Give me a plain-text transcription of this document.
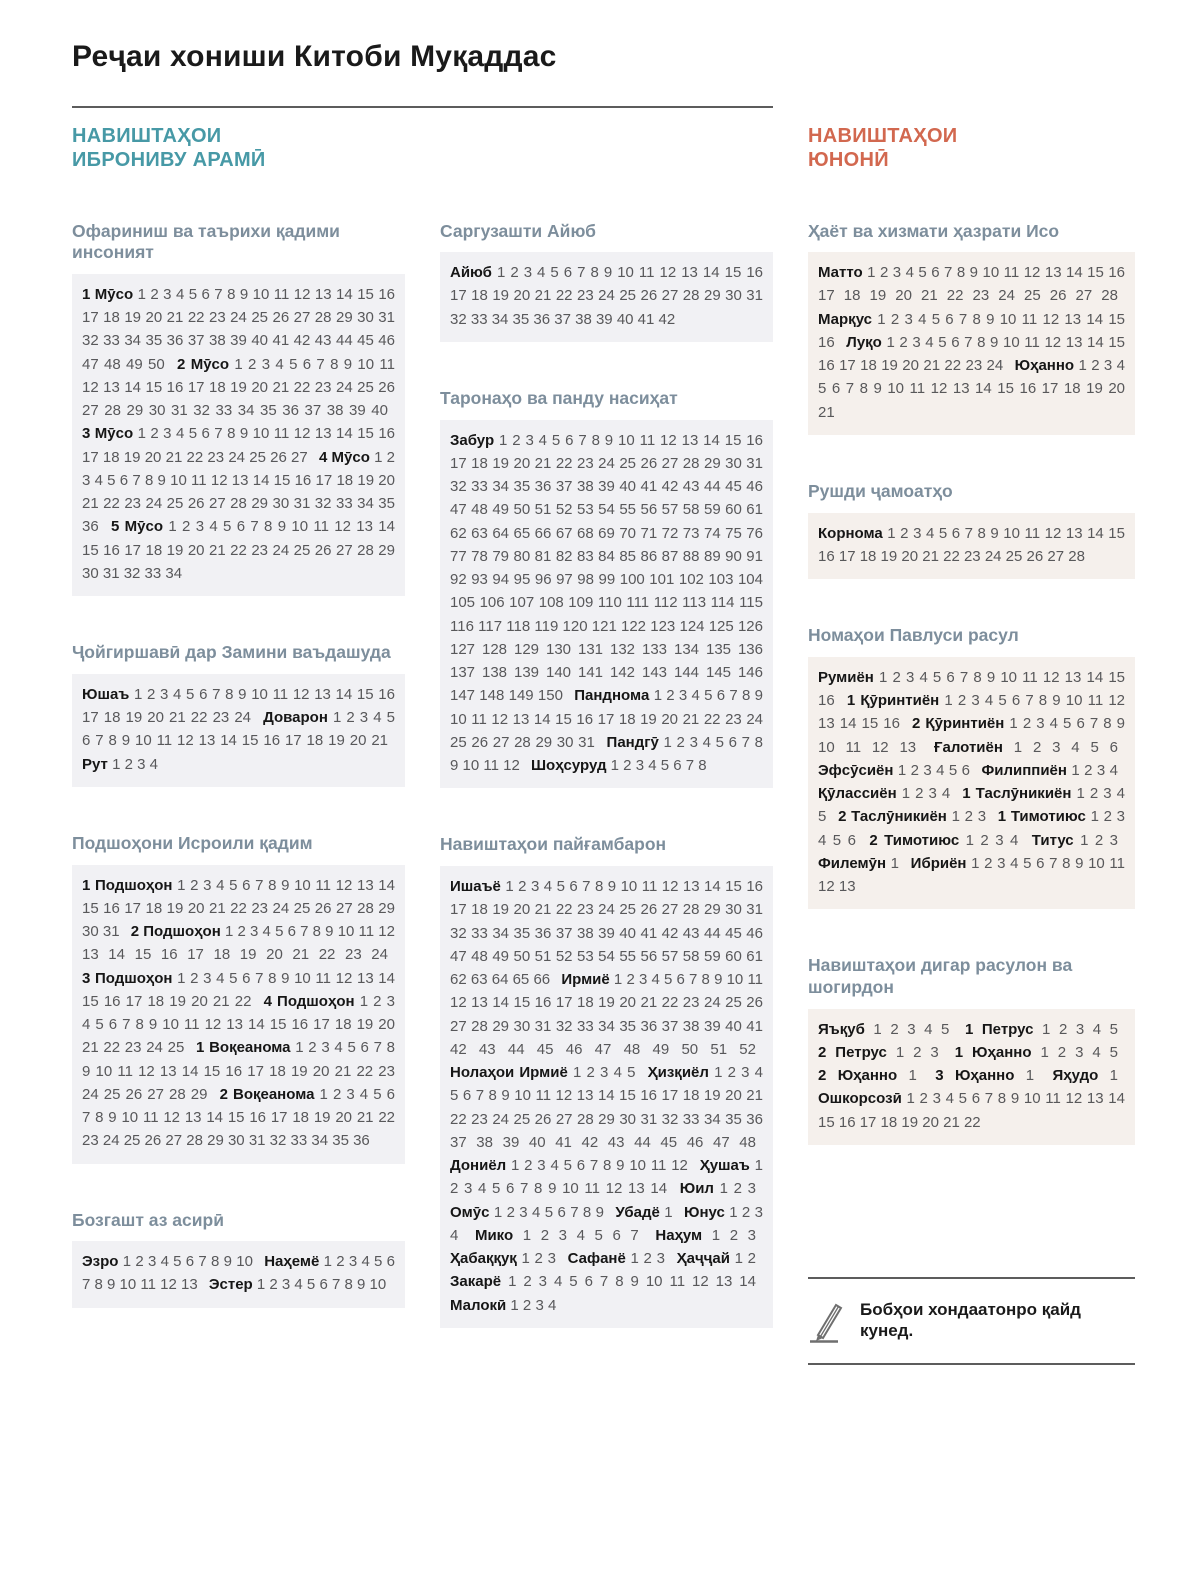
Реҷаи хониши Китоби Муқаддас
НАВИШТАҲОИ
ИБРОНИВУ АРАМӢ
Офариниш ва таърихи қадими инсоният

1 Мӯсо 1 2 3 4 5 6 7 8 9 10 11 12 13 14 15 16 17 18 19 20 21 22 23 24 25 26 27 28 29 30 31 32 33 34 35 36 37 38 39 40 41 42 43 44 45 46 47 48 49 50 2 Мӯсо 1 2 3 4 5 6 7 8 9 10 11 12 13 14 15 16 17 18 19 20 21 22 23 24 25 26 27 28 29 30 31 32 33 34 35 36 37 38 39 40 3 Мӯсо 1 2 3 4 5 6 7 8 9 10 11 12 13 14 15 16 17 18 19 20 21 22 23 24 25 26 27 4 Мӯсо 1 2 3 4 5 6 7 8 9 10 11 12 13 14 15 16 17 18 19 20 21 22 23 24 25 26 27 28 29 30 31 32 33 34 35 36 5 Мӯсо 1 2 3 4 5 6 7 8 9 10 11 12 13 14 15 16 17 18 19 20 21 22 23 24 25 26 27 28 29 30 31 32 33 34

Ҷойгиршавӣ дар Замини ваъдашуда

Юшаъ 1 2 3 4 5 6 7 8 9 10 11 12 13 14 15 16 17 18 19 20 21 22 23 24 Доварон 1 2 3 4 5 6 7 8 9 10 11 12 13 14 15 16 17 18 19 20 21 Рут 1 2 3 4

Подшоҳони Исроили қадим

1 Подшоҳон 1 2 3 4 5 6 7 8 9 10 11 12 13 14 15 16 17 18 19 20 21 22 23 24 25 26 27 28 29 30 31 2 Подшоҳон 1 2 3 4 5 6 7 8 9 10 11 12 13 14 15 16 17 18 19 20 21 22 23 24 3 Подшоҳон 1 2 3 4 5 6 7 8 9 10 11 12 13 14 15 16 17 18 19 20 21 22 4 Подшоҳон 1 2 3 4 5 6 7 8 9 10 11 12 13 14 15 16 17 18 19 20 21 22 23 24 25 1 Воқеанома 1 2 3 4 5 6 7 8 9 10 11 12 13 14 15 16 17 18 19 20 21 22 23 24 25 26 27 28 29 2 Воқеанома 1 2 3 4 5 6 7 8 9 10 11 12 13 14 15 16 17 18 19 20 21 22 23 24 25 26 27 28 29 30 31 32 33 34 35 36

Бозгашт аз асирӣ

Эзро 1 2 3 4 5 6 7 8 9 10 Наҳемё 1 2 3 4 5 6 7 8 9 10 11 12 13 Эстер 1 2 3 4 5 6 7 8 9 10

Саргузашти Айюб

Айюб 1 2 3 4 5 6 7 8 9 10 11 12 13 14 15 16 17 18 19 20 21 22 23 24 25 26 27 28 29 30 31 32 33 34 35 36 37 38 39 40 41 42

Таронаҳо ва панду насиҳат

Забур 1 2 3 4 5 6 7 8 9 10 11 12 13 14 15 16 17 18 19 20 21 22 23 24 25 26 27 28 29 30 31 32 33 34 35 36 37 38 39 40 41 42 43 44 45 46 47 48 49 50 51 52 53 54 55 56 57 58 59 60 61 62 63 64 65 66 67 68 69 70 71 72 73 74 75 76 77 78 79 80 81 82 83 84 85 86 87 88 89 90 91 92 93 94 95 96 97 98 99 100 101 102 103 104 105 106 107 108 109 110 111 112 113 114 115 116 117 118 119 120 121 122 123 124 125 126 127 128 129 130 131 132 133 134 135 136 137 138 139 140 141 142 143 144 145 146 147 148 149 150 Пандномa 1 2 3 4 5 6 7 8 9 10 11 12 13 14 15 16 17 18 19 20 21 22 23 24 25 26 27 28 29 30 31 Пандгӯ 1 2 3 4 5 6 7 8 9 10 11 12 Шоҳсуруд 1 2 3 4 5 6 7 8

Навиштаҳои пайғамбарон

Ишаъё 1 2 3 4 5 6 7 8 9 10 11 12 13 14 15 16 17 18 19 20 21 22 23 24 25 26 27 28 29 30 31 32 33 34 35 36 37 38 39 40 41 42 43 44 45 46 47 48 49 50 51 52 53 54 55 56 57 58 59 60 61 62 63 64 65 66 Ирмиё 1 2 3 4 5 6 7 8 9 10 11 12 13 14 15 16 17 18 19 20 21 22 23 24 25 26 27 28 29 30 31 32 33 34 35 36 37 38 39 40 41 42 43 44 45 46 47 48 49 50 51 52 Нолаҳои Ирмиё 1 2 3 4 5 Ҳизқиёл 1 2 3 4 5 6 7 8 9 10 11 12 13 14 15 16 17 18 19 20 21 22 23 24 25 26 27 28 29 30 31 32 33 34 35 36 37 38 39 40 41 42 43 44 45 46 47 48 Дониёл 1 2 3 4 5 6 7 8 9 10 11 12 Ҳушаъ 1 2 3 4 5 6 7 8 9 10 11 12 13 14 Юил 1 2 3 Омӯс 1 2 3 4 5 6 7 8 9 Убадё 1 Юнус 1 2 3 4 Мико 1 2 3 4 5 6 7 Наҳум 1 2 3 Ҳабаққуқ 1 2 3 Сафанё 1 2 3 Ҳаҷҷай 1 2 Закарё 1 2 3 4 5 6 7 8 9 10 11 12 13 14 Малокӣ 1 2 3 4

НАВИШТАҲОИ
ЮНОНӢ
Ҳаёт ва хизмати ҳазрати Исо

Матто 1 2 3 4 5 6 7 8 9 10 11 12 13 14 15 16 17 18 19 20 21 22 23 24 25 26 27 28 Марқус 1 2 3 4 5 6 7 8 9 10 11 12 13 14 15 16 Луқо 1 2 3 4 5 6 7 8 9 10 11 12 13 14 15 16 17 18 19 20 21 22 23 24 Юҳанно 1 2 3 4 5 6 7 8 9 10 11 12 13 14 15 16 17 18 19 20 21

Рушди ҷамоатҳо

Корнома 1 2 3 4 5 6 7 8 9 10 11 12 13 14 15 16 17 18 19 20 21 22 23 24 25 26 27 28

Номаҳои Павлуси расул

Румиён 1 2 3 4 5 6 7 8 9 10 11 12 13 14 15 16 1 Қӯринтиён 1 2 3 4 5 6 7 8 9 10 11 12 13 14 15 16 2 Қӯринтиён 1 2 3 4 5 6 7 8 9 10 11 12 13 Ғалотиён 1 2 3 4 5 6 Эфсӯсиён 1 2 3 4 5 6 Филиппиён 1 2 3 4 Қӯлассиён 1 2 3 4 1 Таслӯникиён 1 2 3 4 5 2 Таслӯникиён 1 2 3 1 Тимотиюс 1 2 3 4 5 6 2 Тимотиюс 1 2 3 4 Титус 1 2 3 Филемӯн 1 Ибриён 1 2 3 4 5 6 7 8 9 10 11 12 13

Навиштаҳои дигар расулон ва шогирдон

Яъқуб 1 2 3 4 5 1 Петрус 1 2 3 4 5 2 Петрус 1 2 3 1 Юҳанно 1 2 3 4 5 2 Юҳанно 1 3 Юҳанно 1 Яҳудо 1 Ошкорсозӣ 1 2 3 4 5 6 7 8 9 10 11 12 13 14 15 16 17 18 19 20 21 22

Бобҳои хондаатонро қайд кунед.
